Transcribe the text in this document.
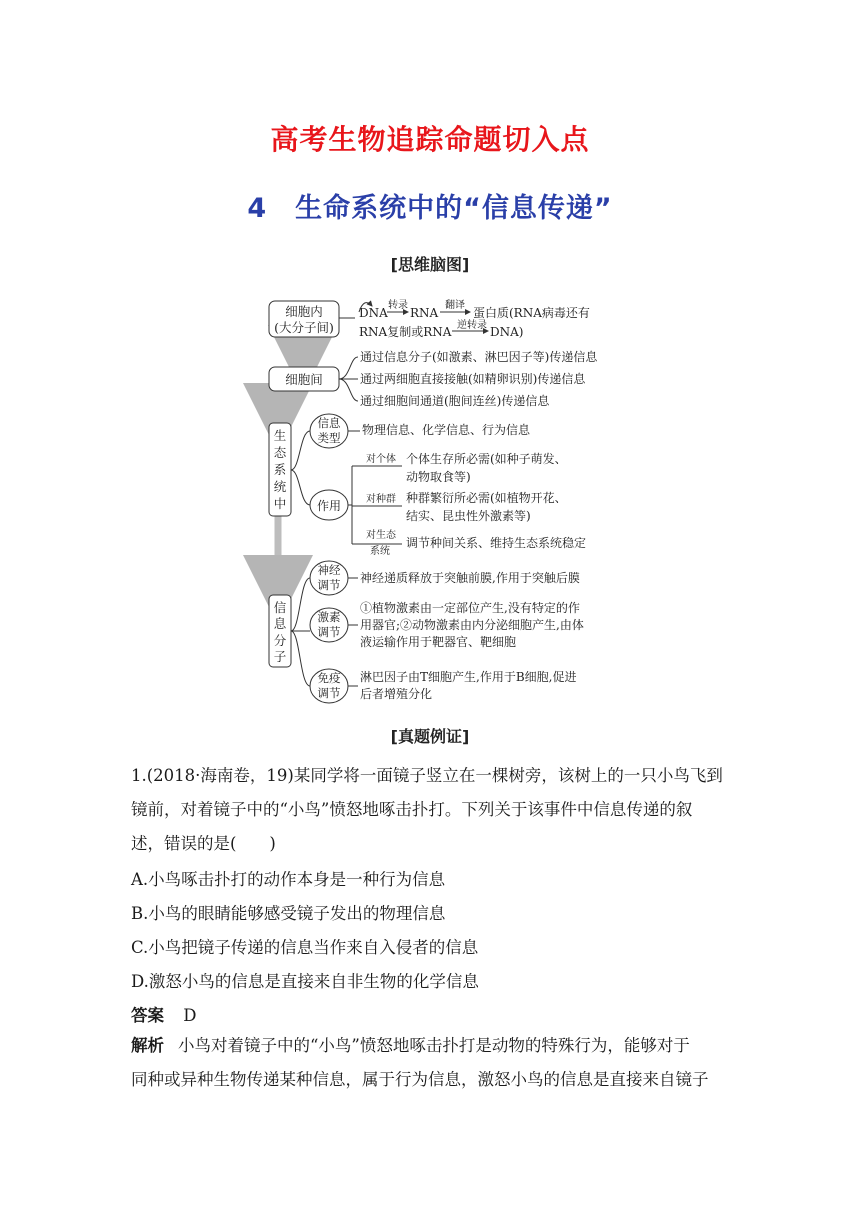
高考生物追踪命题切入点
4　生命系统中的“信息传递”
[思维脑图]
细胞内
(大分子间)
DNA
转录
RNA
翻译
蛋白质(RNA病毒还有
RNA复制或RNA 逆转录 DNA)
细胞间
通过信息分子(如激素、淋巴因子等)传递信息
通过两细胞直接接触(如精卵识别)传递信息
通过细胞间通道(胞间连丝)传递信息
生
态
系
统
中
信息
类型
物理信息、化学信息、行为信息
作用
对个体 个体生存所必需(如种子萌发、
动物取食等)
对种群 种群繁衍所必需(如植物开花、
结实、昆虫性外激素等)
对生态
系统
调节种间关系、维持生态系统稳定
信
息
分
子
神经
调节 神经递质释放于突触前膜,作用于突触后膜
激素
调节
①植物激素由一定部位产生,没有特定的作
用器官;②动物激素由内分泌细胞产生,由体
液运输作用于靶器官、靶细胞
免疫
调节
淋巴因子由T细胞产生,作用于B细胞,促进
后者增殖分化
[真题例证]
1.(2018·海南卷，19)某同学将一面镜子竖立在一棵树旁，该树上的一只小鸟飞到
镜前，对着镜子中的“小鸟”愤怒地啄击扑打。下列关于该事件中信息传递的叙
述，错误的是(　　)
A.小鸟啄击扑打的动作本身是一种行为信息
B.小鸟的眼睛能够感受镜子发出的物理信息
C.小鸟把镜子传递的信息当作来自入侵者的信息
D.激怒小鸟的信息是直接来自非生物的化学信息
答案 D
解析 小鸟对着镜子中的“小鸟”愤怒地啄击扑打是动物的特殊行为，能够对于
同种或异种生物传递某种信息，属于行为信息，激怒小鸟的信息是直接来自镜子
